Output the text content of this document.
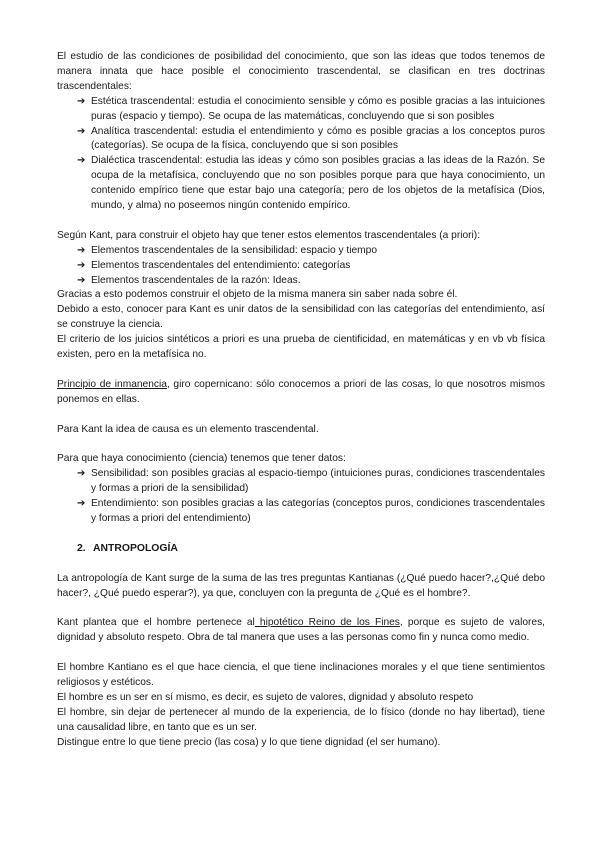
El estudio de las condiciones de posibilidad del conocimiento, que son las ideas que todos tenemos de manera innata que hace posible el conocimiento trascendental, se clasifican en tres doctrinas trascendentales:

➔ Estética trascendental: estudia el conocimiento sensible y cómo es posible gracias a las intuiciones puras (espacio y tiempo). Se ocupa de las matemáticas, concluyendo que si son posibles
➔ Analítica trascendental: estudia el entendimiento y cómo es posible gracias a los conceptos puros (categorías). Se ocupa de la física, concluyendo que si son posibles
➔ Dialéctica trascendental: estudia las ideas y cómo son posibles gracias a las ideas de la Razón. Se ocupa de la metafísica, concluyendo que no son posibles porque para que haya conocimiento, un contenido empírico tiene que estar bajo una categoría; pero de los objetos de la metafísica (Dios, mundo, y alma) no poseemos ningún contenido empírico.

Según Kant, para construir el objeto hay que tener estos elementos trascendentales (a priori):

➔ Elementos trascendentales de la sensibilidad: espacio y tiempo
➔ Elementos trascendentales del entendimiento: categorías
➔ Elementos trascendentales de la razón: Ideas.

Gracias a esto podemos construir el objeto de la misma manera sin saber nada sobre él.

Debido a esto, conocer para Kant es unir datos de la sensibilidad con las categorías del entendimiento, así se construye la ciencia.

El criterio de los juicios sintéticos a priori es una prueba de cientificidad, en matemáticas y en vb vb física existen, pero en la metafísica no.

Principio de inmanencia, giro copernicano: sólo conocemos a priori de las cosas, lo que nosotros mismos ponemos en ellas.

Para Kant la idea de causa es un elemento trascendental.

Para que haya conocimiento (ciencia) tenemos que tener datos:

➔ Sensibilidad: son posibles gracias al espacio-tiempo (intuiciones puras, condiciones trascendentales y formas a priori de la sensibilidad)
➔ Entendimiento: son posibles gracias a las categorías (conceptos puros, condiciones trascendentales y formas a priori del entendimiento)
2. ANTROPOLOGÍA

La antropología de Kant surge de la suma de las tres preguntas Kantianas (¿Qué puedo hacer?,¿Qué debo hacer?, ¿Qué puedo esperar?), ya que, concluyen con la pregunta de ¿Qué es el hombre?.

Kant plantea que el hombre pertenece al hipotético Reino de los Fines, porque es sujeto de valores, dignidad y absoluto respeto. Obra de tal manera que uses a las personas como fin y nunca como medio.

El hombre Kantiano es el que hace ciencia, el que tiene inclinaciones morales y el que tiene sentimientos religiosos y estéticos.

El hombre es un ser en sí mismo, es decir, es sujeto de valores, dignidad y absoluto respeto

El hombre, sin dejar de pertenecer al mundo de la experiencia, de lo físico (donde no hay libertad), tiene una causalidad libre, en tanto que es un ser.

Distingue entre lo que tiene precio (las cosa) y lo que tiene dignidad (el ser humano).
